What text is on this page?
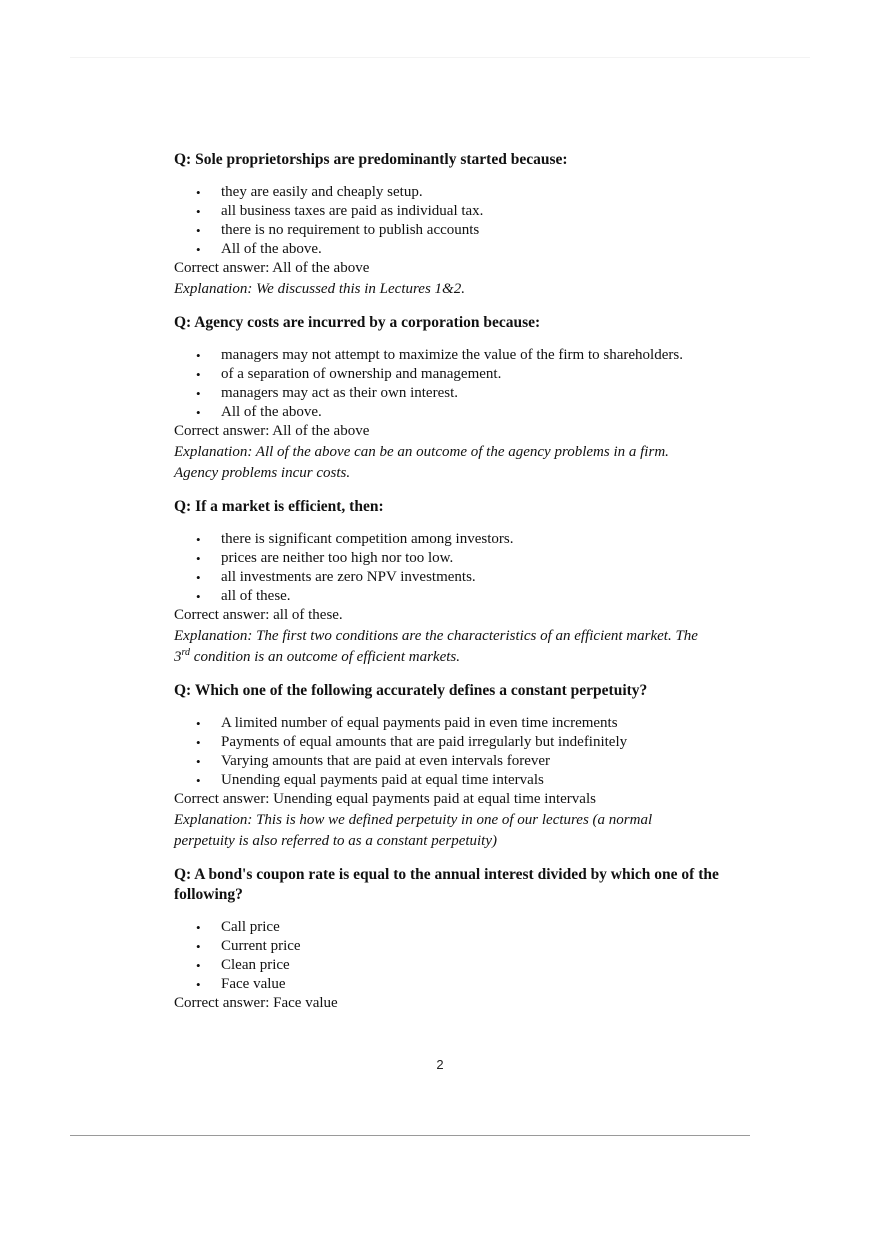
Q: Sole proprietorships are predominantly started because:
• they are easily and cheaply setup.
• all business taxes are paid as individual tax.
• there is no requirement to publish accounts
• All of the above.
Correct answer: All of the above
Explanation: We discussed this in Lectures 1&2.
Q: Agency costs are incurred by a corporation because:
• managers may not attempt to maximize the value of the firm to shareholders.
• of a separation of ownership and management.
• managers may act as their own interest.
• All of the above.
Correct answer: All of the above
Explanation: All of the above can be an outcome of the agency problems in a firm.
Agency problems incur costs.
Q: If a market is efficient, then:
• there is significant competition among investors.
• prices are neither too high nor too low.
• all investments are zero NPV investments.
• all of these.
Correct answer: all of these.
Explanation: The first two conditions are the characteristics of an efficient market. The
3rd condition is an outcome of efficient markets.
Q: Which one of the following accurately defines a constant perpetuity?
• A limited number of equal payments paid in even time increments
• Payments of equal amounts that are paid irregularly but indefinitely
• Varying amounts that are paid at even intervals forever
• Unending equal payments paid at equal time intervals
Correct answer: Unending equal payments paid at equal time intervals
Explanation: This is how we defined perpetuity in one of our lectures (a normal
perpetuity is also referred to as a constant perpetuity)
Q: A bond's coupon rate is equal to the annual interest divided by which one of the following?
• Call price
• Current price
• Clean price
• Face value
Correct answer: Face value
2
